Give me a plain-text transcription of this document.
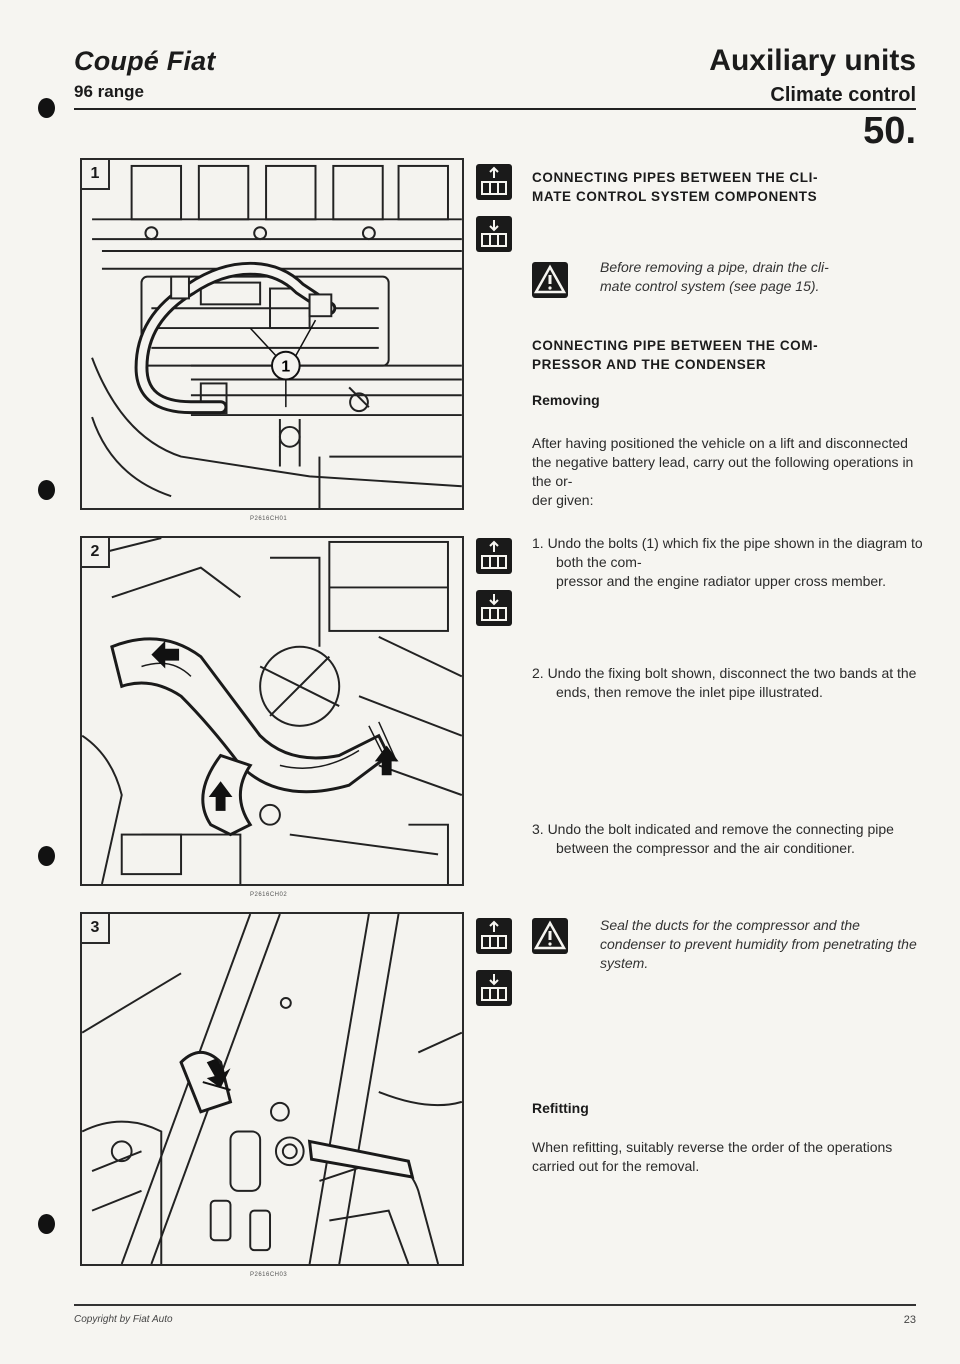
Coupé Fiat
96 range
Auxiliary units
Climate control
50.
1
1
P2616CH01
2
P2616CH02
3
P2616CH03
CONNECTING PIPES BETWEEN THE CLI-
MATE CONTROL SYSTEM COMPONENTS
Before removing a pipe, drain the cli-
mate control system (see page 15).
CONNECTING PIPE BETWEEN THE COM-
PRESSOR AND THE CONDENSER
Removing
After having positioned the vehicle on a lift and disconnected the negative battery lead, carry out the following operations in the or-
der given:
1. Undo the bolts (1) which fix the pipe shown in the diagram to both the com-
pressor and the engine radiator upper cross member.
2. Undo the fixing bolt shown, disconnect the two bands at the ends, then remove the inlet pipe illustrated.
3. Undo the bolt indicated and remove the connecting pipe between the compressor and the air conditioner.
Seal the ducts for the compressor and the condenser to prevent humidity from penetrating the system.
Refitting
When refitting, suitably reverse the order of the operations carried out for the removal.
Copyright by Fiat Auto	23
